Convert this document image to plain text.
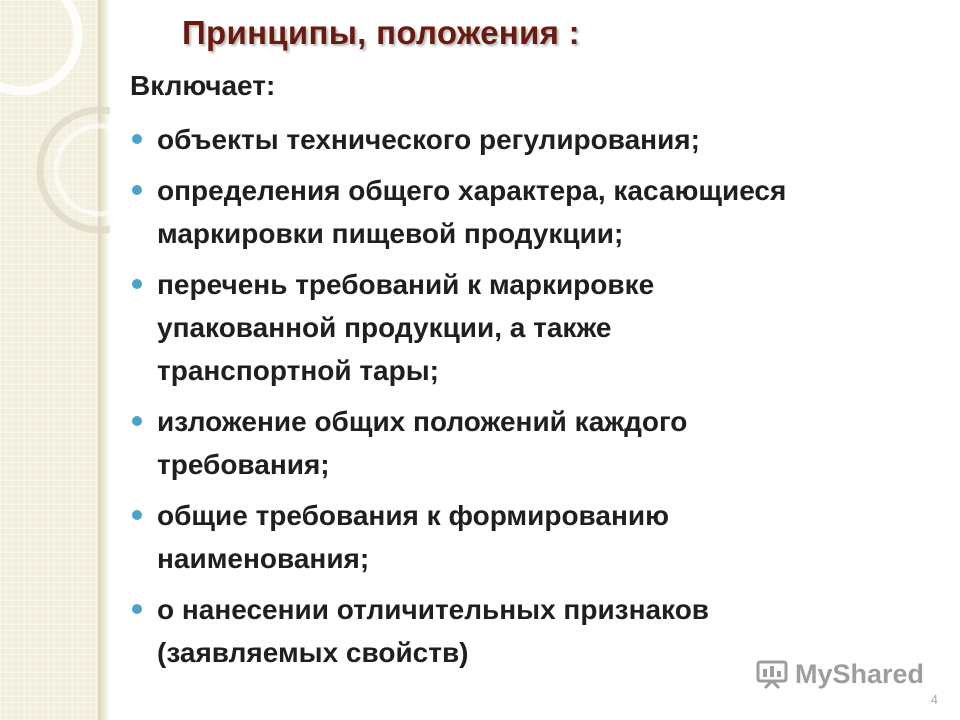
Принципы, положения :
Включает:
объекты технического регулирования;
определения общего характера, касающиеся маркировки пищевой продукции;
перечень требований к маркировке упакованной продукции, а также транспортной тары;
изложение общих положений каждого требования;
общие требования к формированию наименования;
о нанесении отличительных признаков (заявляемых свойств)
MyShared
4
